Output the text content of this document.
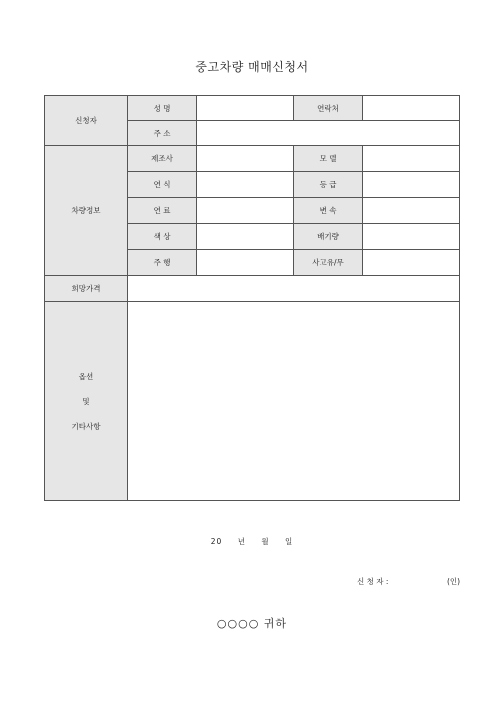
중고차량 매매신청서
신청자	성 명		연락처	
	주 소			
차량정보	제조사		모 델	
	연 식		등 급	
	연 료		변 속	
	색 상		배기량	
	주 행		사고유/무	
희망가격				

옵션
및
기타사항				

20 년 월 일
신 청 자 :	(인)
○○○○ 귀하
